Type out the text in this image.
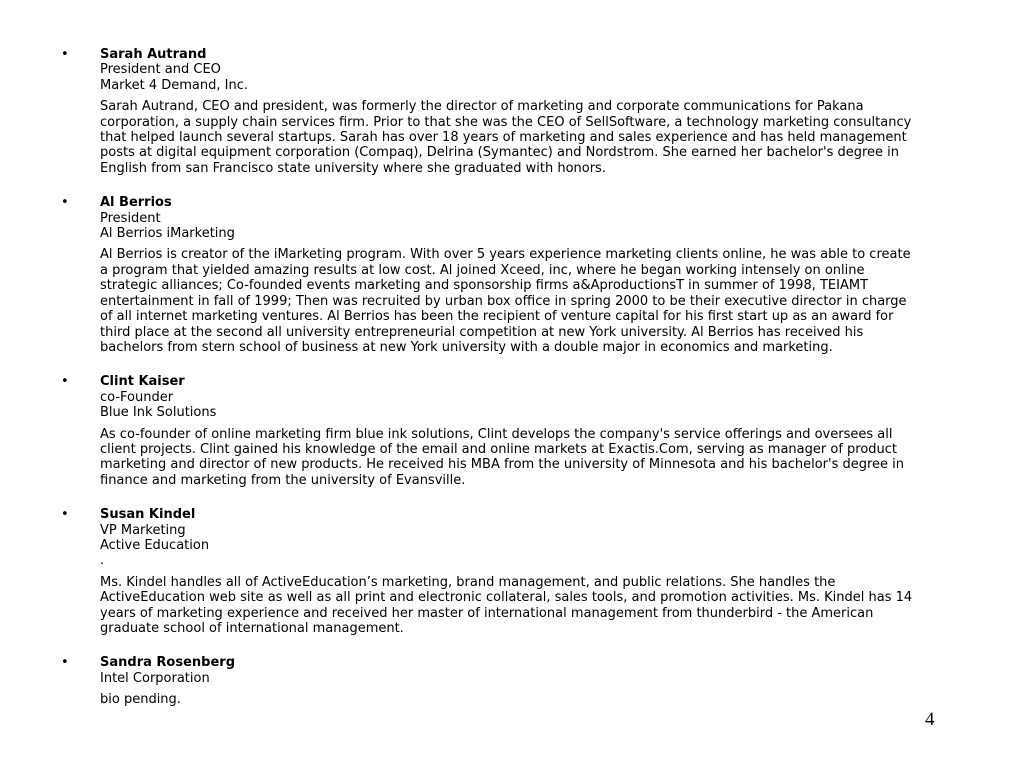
• Sarah Autrand
President and CEO
Market 4 Demand, Inc.
Sarah Autrand, CEO and president, was formerly the director of marketing and corporate communications for Pakana corporation, a supply chain services firm. Prior to that she was the CEO of SellSoftware, a technology marketing consultancy that helped launch several startups. Sarah has over 18 years of marketing and sales experience and has held management posts at digital equipment corporation (Compaq), Delrina (Symantec) and Nordstrom. She earned her bachelor's degree in English from san Francisco state university where she graduated with honors.
• Al Berrios
President
Al Berrios iMarketing
Al Berrios is creator of the iMarketing program. With over 5 years experience marketing clients online, he was able to create a program that yielded amazing results at low cost. Al joined Xceed, inc, where he began working intensely on online strategic alliances; Co-founded events marketing and sponsorship firms a&AproductionsT in summer of 1998, TEIAMT entertainment in fall of 1999; Then was recruited by urban box office in spring 2000 to be their executive director in charge of all internet marketing ventures. Al Berrios has been the recipient of venture capital for his first start up as an award for third place at the second all university entrepreneurial competition at new York university. Al Berrios has received his bachelors from stern school of business at new York university with a double major in economics and marketing.
• Clint Kaiser
co-Founder
Blue Ink Solutions
As co-founder of online marketing firm blue ink solutions, Clint develops the company's service offerings and oversees all client projects. Clint gained his knowledge of the email and online markets at Exactis.Com, serving as manager of product marketing and director of new products. He received his MBA from the university of Minnesota and his bachelor's degree in finance and marketing from the university of Evansville.
• Susan Kindel
VP Marketing
Active Education
.
Ms. Kindel handles all of ActiveEducation’s marketing, brand management, and public relations. She handles the ActiveEducation web site as well as all print and electronic collateral, sales tools, and promotion activities. Ms. Kindel has 14 years of marketing experience and received her master of international management from thunderbird - the American graduate school of international management.
• Sandra Rosenberg
Intel Corporation
bio pending.
4
